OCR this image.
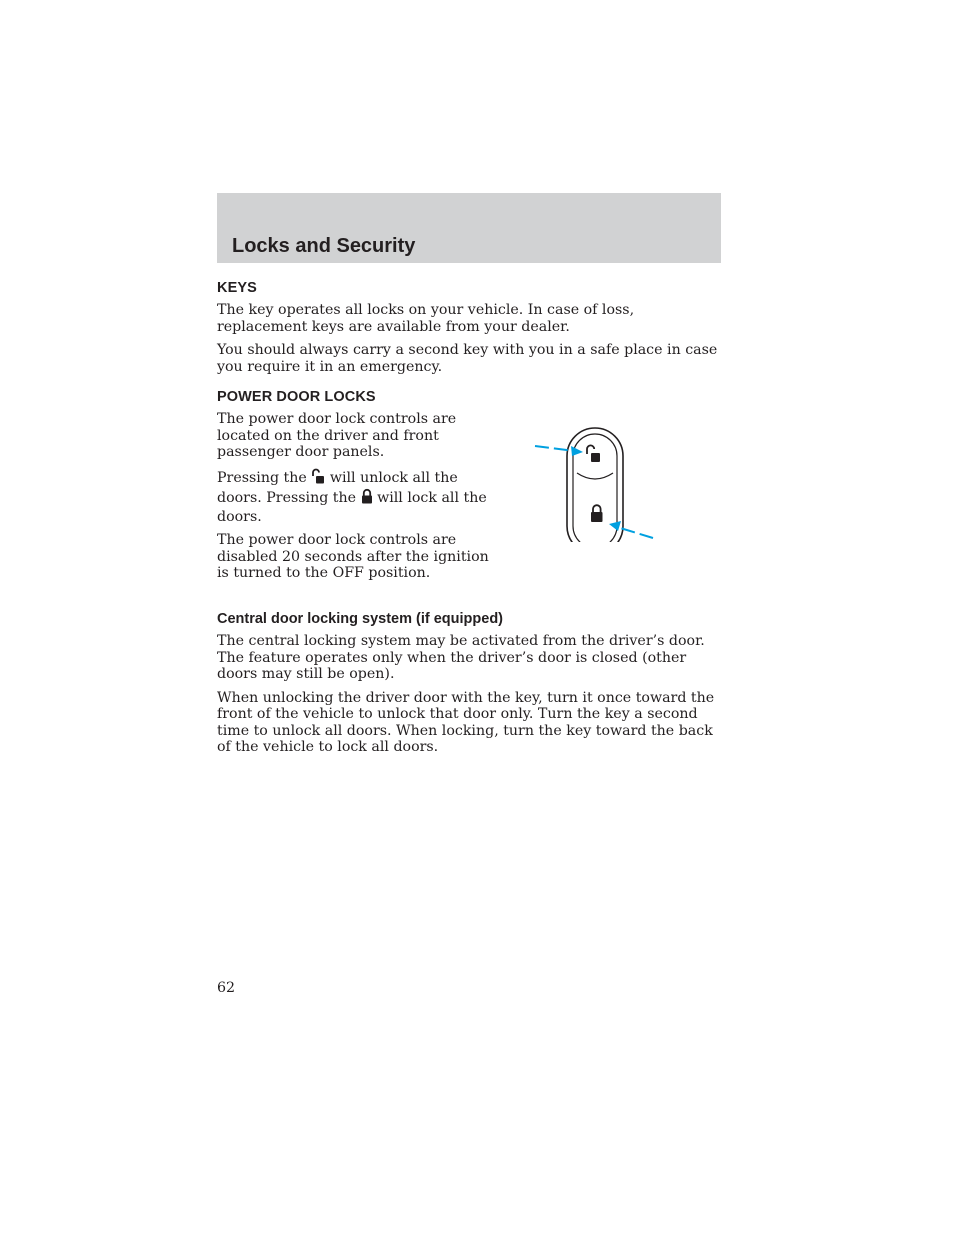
Locks and Security
KEYS

The key operates all locks on your vehicle. In case of loss, replacement keys are available from your dealer.

You should always carry a second key with you in a safe place in case you require it in an emergency.

POWER DOOR LOCKS

The power door lock controls are located on the driver and front passenger door panels.

Pressing the will unlock all the doors. Pressing the will lock all the doors.

The power door lock controls are disabled 20 seconds after the ignition is turned to the OFF position.

Central door locking system (if equipped)

The central locking system may be activated from the driver’s door. The feature operates only when the driver’s door is closed (other doors may still be open).

When unlocking the driver door with the key, turn it once toward the front of the vehicle to unlock that door only. Turn the key a second time to unlock all doors. When locking, turn the key toward the back of the vehicle to lock all doors.

62
